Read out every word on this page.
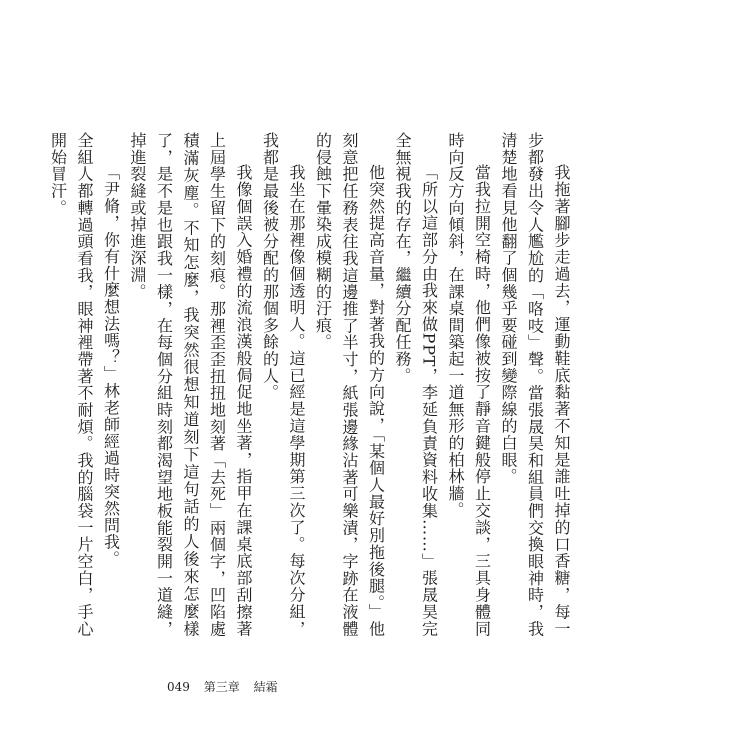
我拖著腳步走過去，運動鞋底黏著不知是誰吐掉的口香糖，每一步都發出令人尷尬的「咯吱」聲。當張晟昊和組員們交換眼神時，我清楚地看見他翻了個幾乎要碰到變際線的白眼。

當我拉開空椅時，他們像被按了靜音鍵般停止交談，三具身體同時向反方向傾斜，在課桌間築起一道無形的柏林牆。

「所以這部分由我來做PPT，李延負責資料收集……」張晟昊完全無視我的存在，繼續分配任務。

他突然提高音量，對著我的方向說，「某個人最好別拖後腿。」他刻意把任務表往我這邊推了半寸，紙張邊緣沾著可樂漬，字跡在液體的侵蝕下暈染成模糊的汙痕。

我坐在那裡像個透明人。這已經是這學期第三次了。每次分組，我都是最後被分配的那個多餘的人。

我像個誤入婚禮的流浪漢般侷促地坐著，指甲在課桌底部刮擦著上屆學生留下的刻痕。那裡歪歪扭扭地刻著「去死」兩個字，凹陷處積滿灰塵。不知怎麼，我突然很想知道刻下這句話的人後來怎麼樣了，是不是也跟我一樣，在每個分組時刻都渴望地板能裂開一道縫，掉進裂縫或掉進深淵。

「尹脩，你有什麼想法嗎？」林老師經過時突然問我。

全組人都轉過頭看我，眼神裡帶著不耐煩。我的腦袋一片空白，手心開始冒汗。

049 第三章 結霜
